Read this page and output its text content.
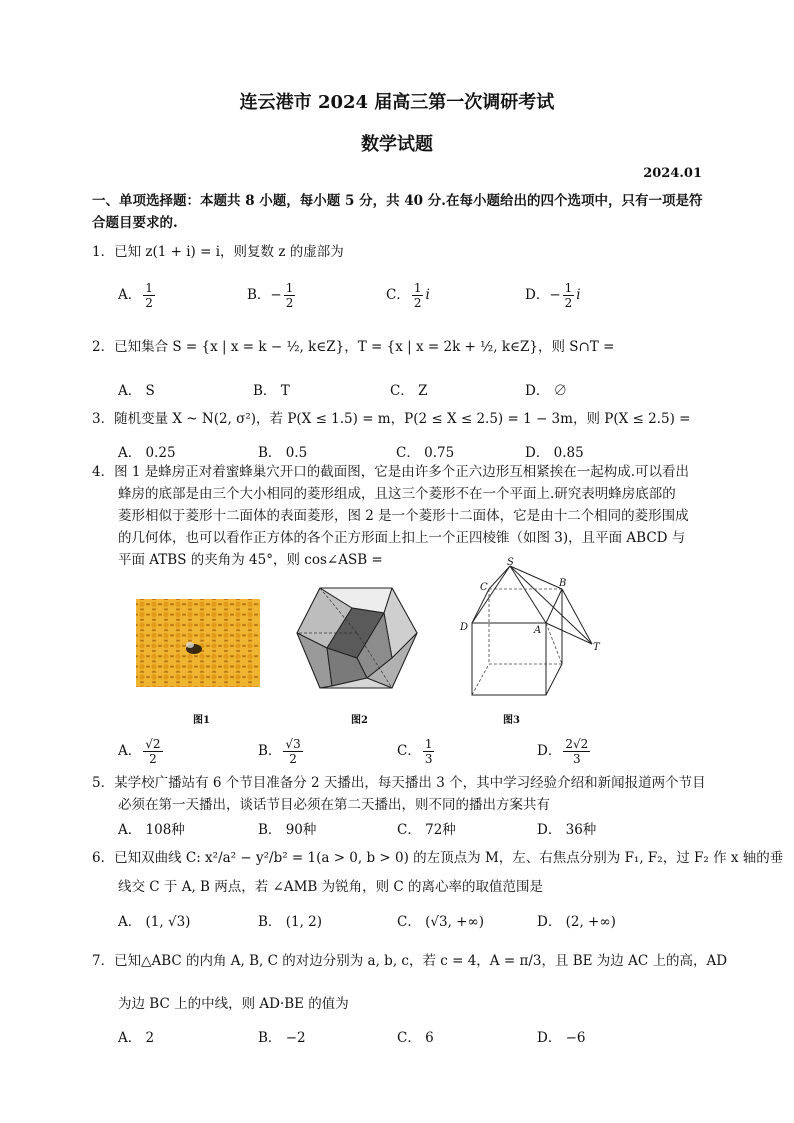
连云港市 2024 届高三第一次调研考试
数学试题
2024.01
一、单项选择题：本题共 8 小题，每小题 5 分，共 40 分.在每小题给出的四个选项中，只有一项是符合题目要求的.
1．已知 z(1 + i) = i，则复数 z 的虚部为
A． $\frac{1}{2}$	B．− $\frac{1}{2}$	C． $\frac{1}{2}$ i	D．− $\frac{1}{2}$ i
2．已知集合 S = {x | x = k − ½, k∈Z}，T = {x | x = 2k + ½, k∈Z}，则 S∩T =
A． S	B． T	C． Z	D． ∅
3．随机变量 X ~ N(2, σ²)，若 P(X ≤ 1.5) = m，P(2 ≤ X ≤ 2.5) = 1 − 3m，则 P(X ≤ 2.5) =
A． 0.25	B． 0.5	C． 0.75	D． 0.85
4．图 1 是蜂房正对着蜜蜂巢穴开口的截面图，它是由许多个正六边形互相紧挨在一起构成.可以看出
蜂房的底部是由三个大小相同的菱形组成，且这三个菱形不在一个平面上.研究表明蜂房底部的
菱形相似于菱形十二面体的表面菱形，图 2 是一个菱形十二面体，它是由十二个相同的菱形围成
的几何体，也可以看作正方体的各个正方形面上扣上一个正四棱锥（如图 3)，且平面 ABCD 与
平面 ATBS 的夹角为 45°，则 cos∠ASB =
图1	图2
S
C	B
D	A
T
图3
A． $\frac{√2}{2}$	B． $\frac{√3}{2}$	C． $\frac{1}{3}$	D． $\frac{2√2}{3}$
5．某学校广播站有 6 个节目准备分 2 天播出，每天播出 3 个，其中学习经验介绍和新闻报道两个节目
必须在第一天播出，谈话节目必须在第二天播出，则不同的播出方案共有
A． 108种	B． 90种	C． 72种	D． 36种
6．已知双曲线 C: x²/a² − y²/b² = 1(a > 0, b > 0) 的左顶点为 M，左、右焦点分别为 F₁, F₂，过 F₂ 作 x 轴的垂
线交 C 于 A, B 两点，若 ∠AMB 为锐角，则 C 的离心率的取值范围是
A． (1, √3)	B． (1, 2)	C． (√3, +∞)	D． (2, +∞)
7．已知△ABC 的内角 A, B, C 的对边分别为 a, b, c，若 c = 4，A = π/3，且 BE 为边 AC 上的高，AD
为边 BC 上的中线，则 AD·BE 的值为
A． 2	B． −2	C． 6	D． −6
